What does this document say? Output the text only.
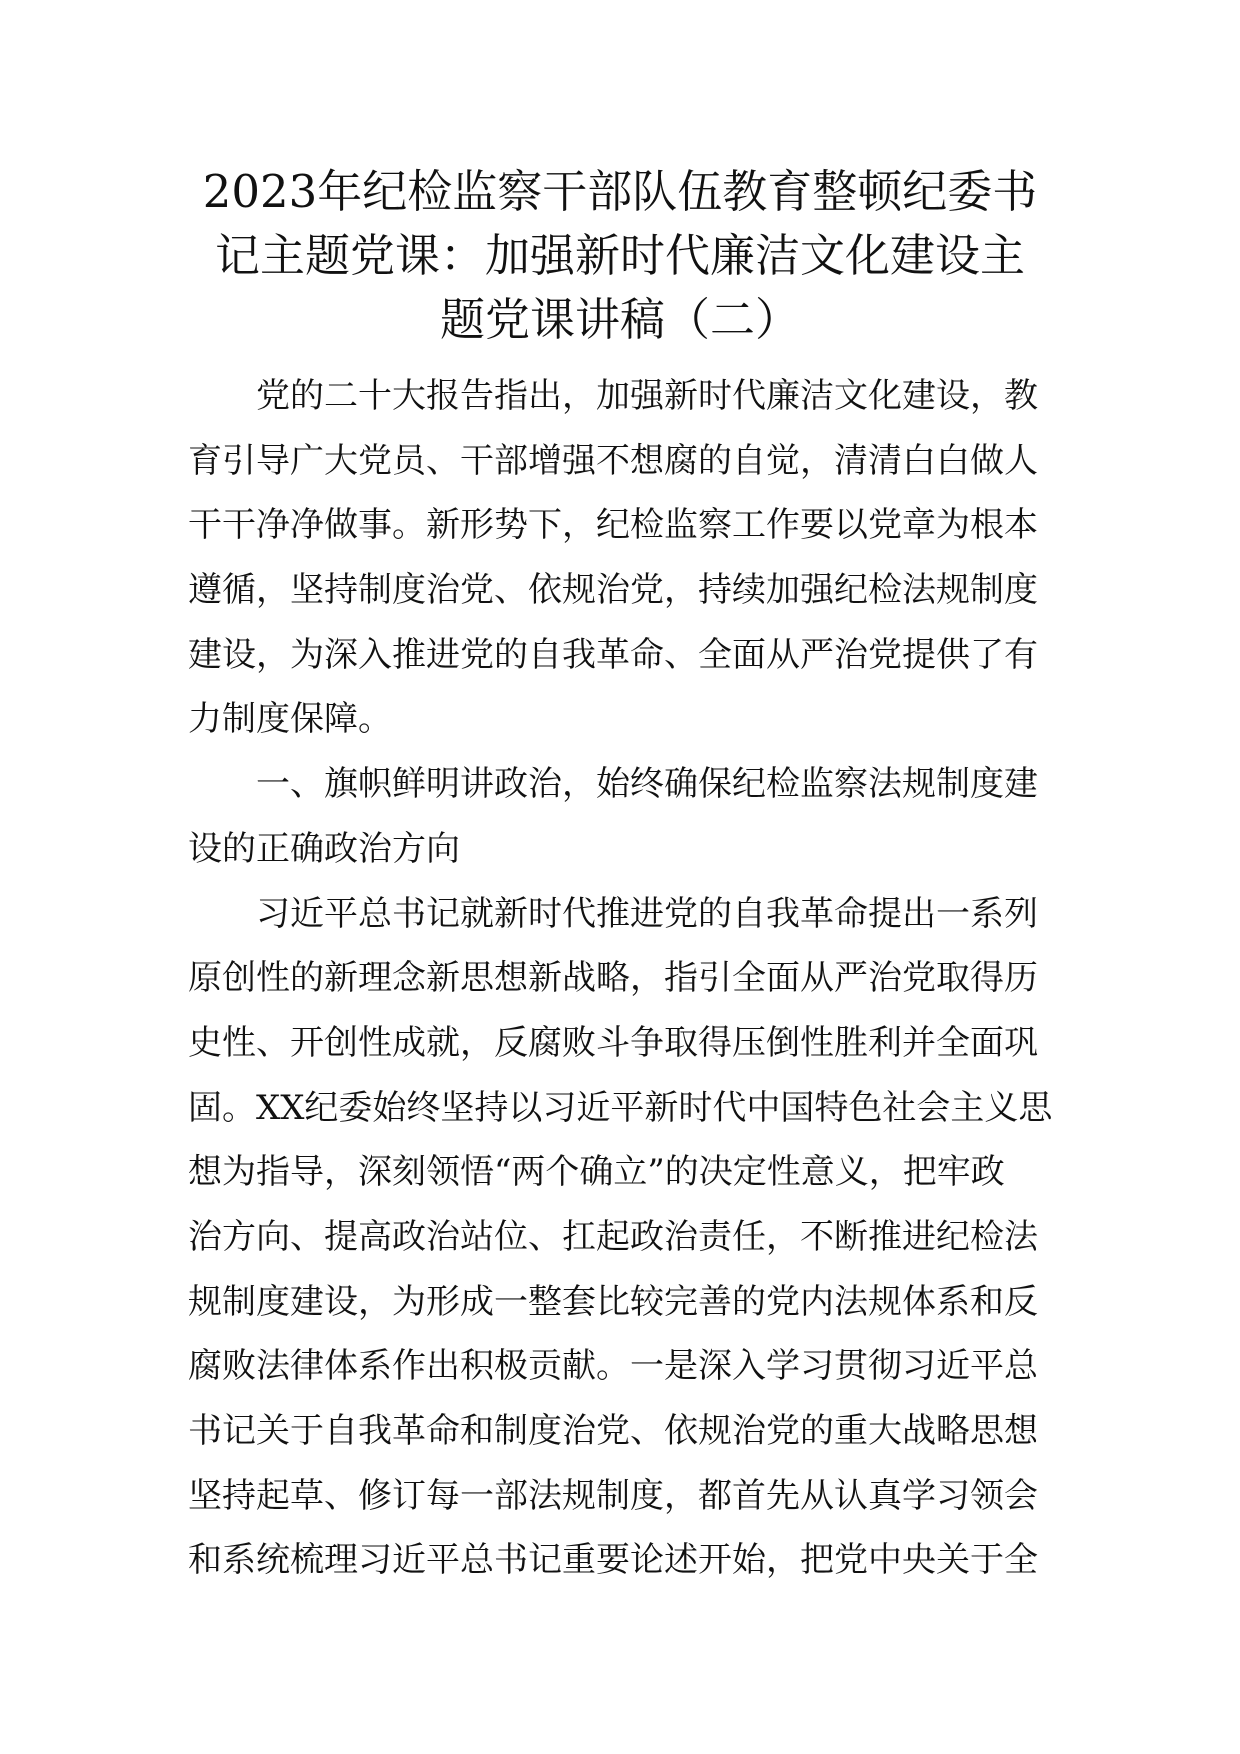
2023年纪检监察干部队伍教育整顿纪委书
记主题党课：加强新时代廉洁文化建设主
题党课讲稿（二）
党的二十大报告指出，加强新时代廉洁文化建设，教
育引导广大党员、干部增强不想腐的自觉，清清白白做人
干干净净做事。新形势下，纪检监察工作要以党章为根本
遵循，坚持制度治党、依规治党，持续加强纪检法规制度
建设，为深入推进党的自我革命、全面从严治党提供了有
力制度保障。
一、旗帜鲜明讲政治，始终确保纪检监察法规制度建
设的正确政治方向
习近平总书记就新时代推进党的自我革命提出一系列
原创性的新理念新思想新战略，指引全面从严治党取得历
史性、开创性成就，反腐败斗争取得压倒性胜利并全面巩
固。XX纪委始终坚持以习近平新时代中国特色社会主义思
想为指导，深刻领悟“两个确立”的决定性意义，把牢政
治方向、提高政治站位、扛起政治责任，不断推进纪检法
规制度建设，为形成一整套比较完善的党内法规体系和反
腐败法律体系作出积极贡献。一是深入学习贯彻习近平总
书记关于自我革命和制度治党、依规治党的重大战略思想
坚持起草、修订每一部法规制度，都首先从认真学习领会
和系统梳理习近平总书记重要论述开始，把党中央关于全
